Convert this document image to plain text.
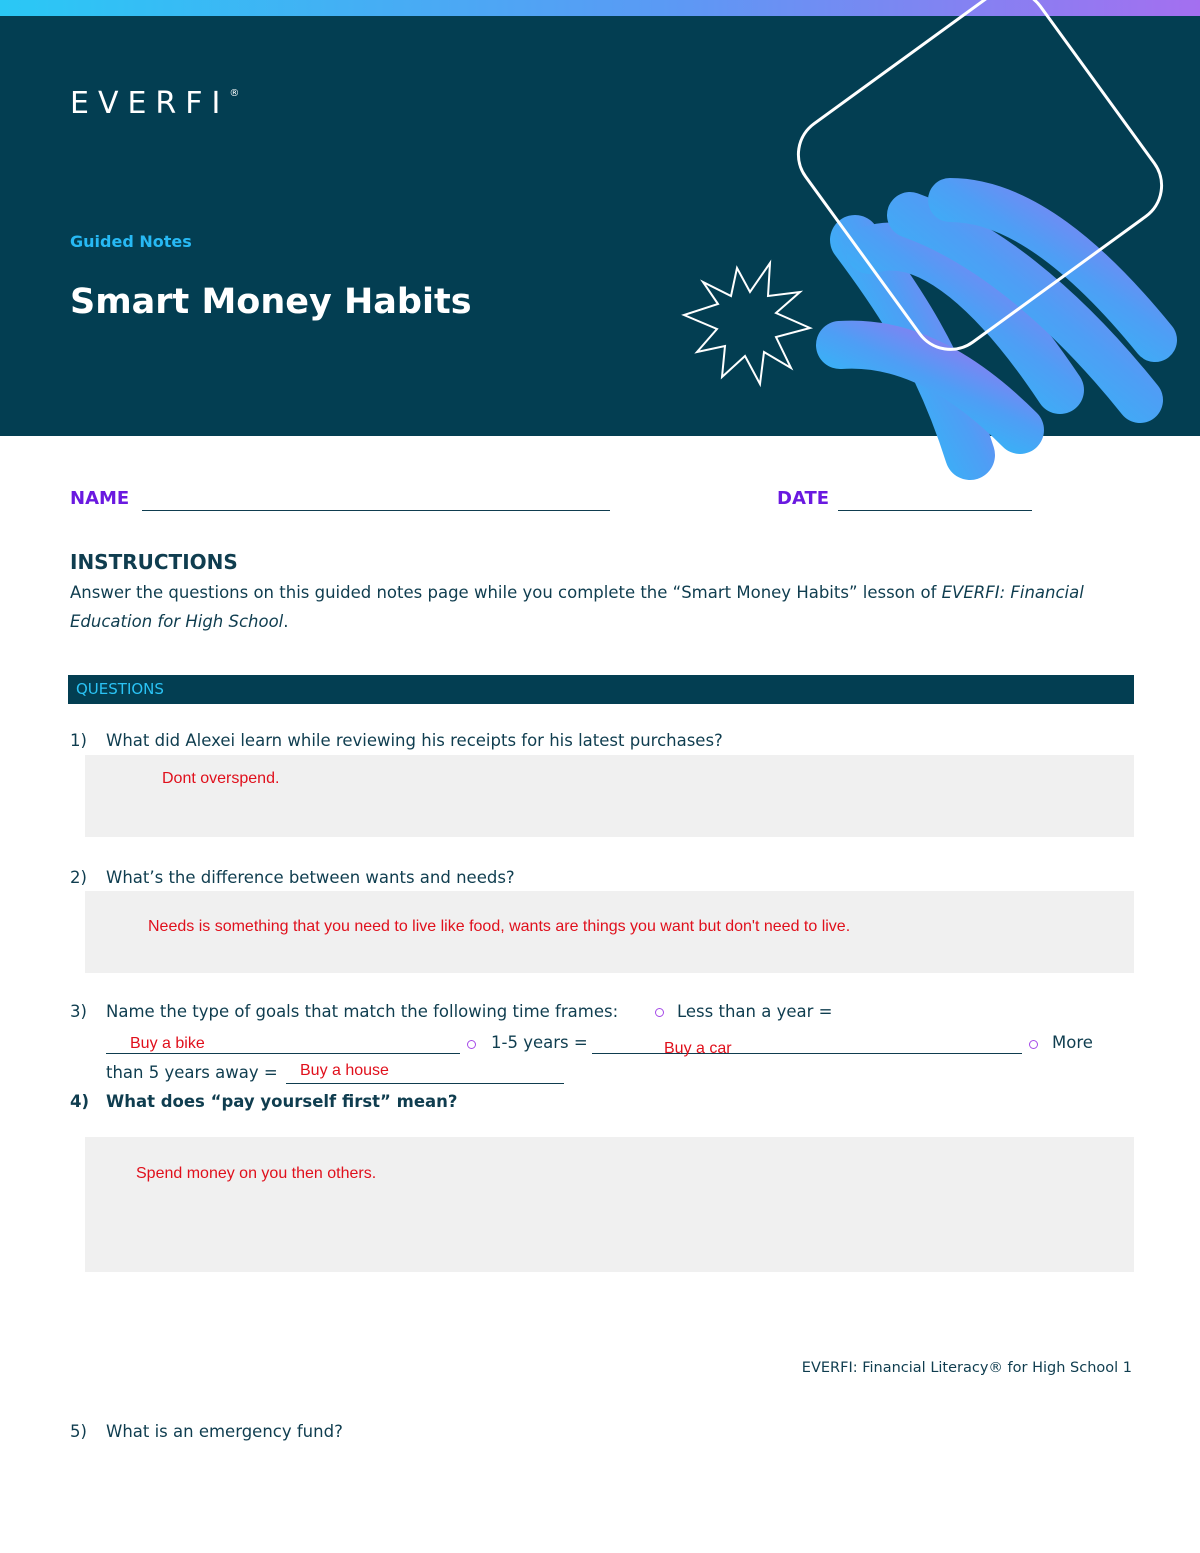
EVERFI®
Guided Notes
Smart Money Habits
NAME	DATE
INSTRUCTIONS
Answer the questions on this guided notes page while you complete the “Smart Money Habits” lesson of EVERFI: Financial Education for High School.
QUESTIONS
1) What did Alexei learn while reviewing his receipts for his latest purchases?
Dont overspend.
2) What’s the difference between wants and needs?
Needs is something that you need to live like food, wants are things you want but don't need to live.
3) Name the type of goals that match the following time frames:	Less than a year =
Buy a bike	1-5 years =	Buy a car	More
than 5 years away = Buy a house
4) What does “pay yourself first” mean?
Spend money on you then others.
EVERFI: Financial Literacy® for High School 1
5) What is an emergency fund?
